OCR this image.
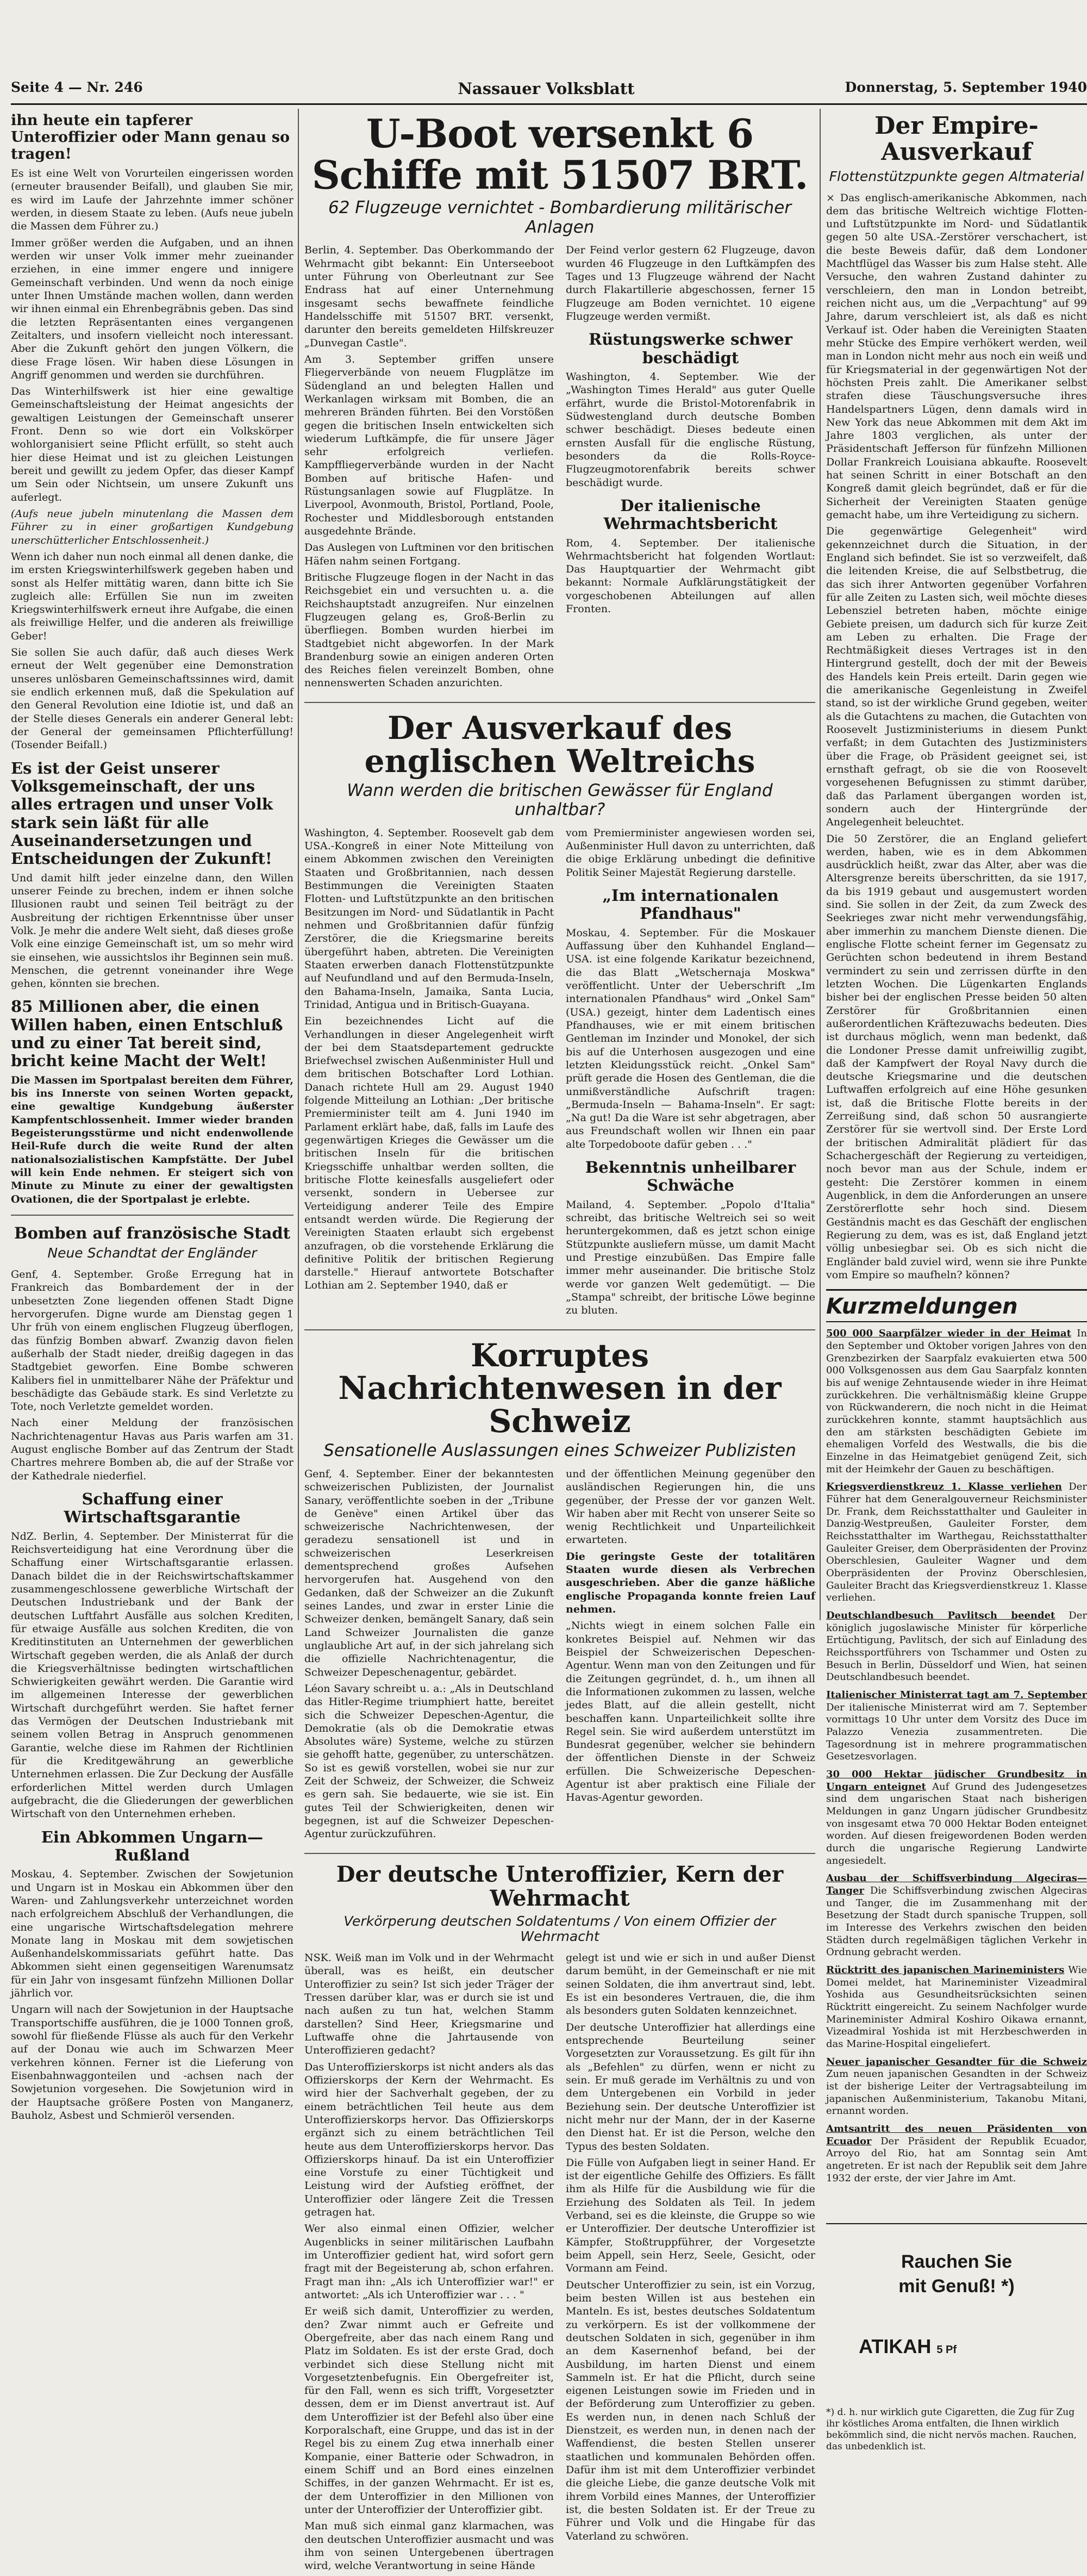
Seite 4 — Nr. 246	Nassauer Volksblatt	Donnerstag, 5. September 1940
ihn heute ein tapferer Unteroffizier oder Mann genau so tragen!

Es ist eine Welt von Vorurteilen eingerissen worden (erneuter brausender Beifall), und glauben Sie mir, es wird im Laufe der Jahrzehnte immer schöner werden, in diesem Staate zu leben. (Aufs neue jubeln die Massen dem Führer zu.)

Immer größer werden die Aufgaben, und an ihnen werden wir unser Volk immer mehr zueinander erziehen, in eine immer engere und innigere Gemeinschaft verbinden. Und wenn da noch einige unter Ihnen Umstände machen wollen, dann werden wir ihnen einmal ein Ehrenbegräbnis geben. Das sind die letzten Repräsentanten eines vergangenen Zeitalters, und insofern vielleicht noch interessant. Aber die Zukunft gehört den jungen Völkern, die diese Frage lösen. Wir haben diese Lösungen in Angriff genommen und werden sie durchführen.

Das Winterhilfswerk ist hier eine gewaltige Gemeinschaftsleistung der Heimat angesichts der gewaltigen Leistungen der Gemeinschaft unserer Front. Denn so wie dort ein Volkskörper wohlorganisiert seine Pflicht erfüllt, so steht auch hier diese Heimat und ist zu gleichen Leistungen bereit und gewillt zu jedem Opfer, das dieser Kampf um Sein oder Nichtsein, um unsere Zukunft uns auferlegt.

(Aufs neue jubeln minutenlang die Massen dem Führer zu in einer großartigen Kundgebung unerschütterlicher Entschlossenheit.)

Wenn ich daher nun noch einmal all denen danke, die im ersten Kriegswinterhilfswerk gegeben haben und sonst als Helfer mittätig waren, dann bitte ich Sie zugleich alle: Erfüllen Sie nun im zweiten Kriegswinterhilfswerk erneut ihre Aufgabe, die einen als freiwillige Helfer, und die anderen als freiwillige Geber!

Sie sollen Sie auch dafür, daß auch dieses Werk erneut der Welt gegenüber eine Demonstration unseres unlösbaren Gemeinschaftssinnes wird, damit sie endlich erkennen muß, daß die Spekulation auf den General Revolution eine Idiotie ist, und daß an der Stelle dieses Generals ein anderer General lebt: der General der gemeinsamen Pflichterfüllung! (Tosender Beifall.)

Es ist der Geist unserer Volksgemeinschaft, der uns alles ertragen und unser Volk stark sein läßt für alle Auseinandersetzungen und Entscheidungen der Zukunft!

Und damit hilft jeder einzelne dann, den Willen unserer Feinde zu brechen, indem er ihnen solche Illusionen raubt und seinen Teil beiträgt zu der Ausbreitung der richtigen Erkenntnisse über unser Volk. Je mehr die andere Welt sieht, daß dieses große Volk eine einzige Gemeinschaft ist, um so mehr wird sie einsehen, wie aussichtslos ihr Beginnen sein muß. Menschen, die getrennt voneinander ihre Wege gehen, könnten sie brechen.

85 Millionen aber, die einen Willen haben, einen Entschluß und zu einer Tat bereit sind, bricht keine Macht der Welt!

Die Massen im Sportpalast bereiten dem Führer, bis ins Innerste von seinen Worten gepackt, eine gewaltige Kundgebung äußerster Kampfentschlossenheit. Immer wieder branden Begeisterungsstürme und nicht endenwollende Heil-Rufe durch die weite Rund der alten nationalsozialistischen Kampfstätte. Der Jubel will kein Ende nehmen. Er steigert sich von Minute zu Minute zu einer der gewaltigsten Ovationen, die der Sportpalast je erlebte.

Bomben auf französische Stadt
Neue Schandtat der Engländer

Genf, 4. September. Große Erregung hat in Frankreich das Bombardement der in der unbesetzten Zone liegenden offenen Stadt Digne hervorgerufen. Digne wurde am Dienstag gegen 1 Uhr früh von einem englischen Flugzeug überflogen, das fünfzig Bomben abwarf. Zwanzig davon fielen außerhalb der Stadt nieder, dreißig dagegen in das Stadtgebiet geworfen. Eine Bombe schweren Kalibers fiel in unmittelbarer Nähe der Präfektur und beschädigte das Gebäude stark. Es sind Verletzte zu Tote, noch Verletzte gemeldet worden.

Nach einer Meldung der französischen Nachrichtenagentur Havas aus Paris warfen am 31. August englische Bomber auf das Zentrum der Stadt Chartres mehrere Bomben ab, die auf der Straße vor der Kathedrale niederfiel.

Schaffung einer Wirtschaftsgarantie

NdZ. Berlin, 4. September. Der Ministerrat für die Reichsverteidigung hat eine Verordnung über die Schaffung einer Wirtschaftsgarantie erlassen. Danach bildet die in der Reichswirtschaftskammer zusammengeschlossene gewerbliche Wirtschaft der Deutschen Industriebank und der Bank der deutschen Luftfahrt Ausfälle aus solchen Krediten, für etwaige Ausfälle aus solchen Krediten, die von Kreditinstituten an Unternehmen der gewerblichen Wirtschaft gegeben werden, die als Anlaß der durch die Kriegsverhältnisse bedingten wirtschaftlichen Schwierigkeiten gewährt werden. Die Garantie wird im allgemeinen Interesse der gewerblichen Wirtschaft durchgeführt werden. Sie haftet ferner das Vermögen der Deutschen Industriebank mit seinem vollen Betrag in Anspruch genommenen Garantie, welche diese im Rahmen der Richtlinien für die Kreditgewährung an gewerbliche Unternehmen erlassen. Die Zur Deckung der Ausfälle erforderlichen Mittel werden durch Umlagen aufgebracht, die die Gliederungen der gewerblichen Wirtschaft von den Unternehmen erheben.

Ein Abkommen Ungarn—Rußland

Moskau, 4. September. Zwischen der Sowjetunion und Ungarn ist in Moskau ein Abkommen über den Waren- und Zahlungsverkehr unterzeichnet worden nach erfolgreichem Abschluß der Verhandlungen, die eine ungarische Wirtschaftsdelegation mehrere Monate lang in Moskau mit dem sowjetischen Außenhandelskommissariats geführt hatte. Das Abkommen sieht einen gegenseitigen Warenumsatz für ein Jahr von insgesamt fünfzehn Millionen Dollar jährlich vor.

Ungarn will nach der Sowjetunion in der Hauptsache Transportschiffe ausführen, die je 1000 Tonnen groß, sowohl für fließende Flüsse als auch für den Verkehr auf der Donau wie auch im Schwarzen Meer verkehren können. Ferner ist die Lieferung von Eisenbahnwaggonteilen und -achsen nach der Sowjetunion vorgesehen. Die Sowjetunion wird in der Hauptsache größere Posten von Manganerz, Bauholz, Asbest und Schmieröl versenden.

U-Boot versenkt 6 Schiffe mit 51507 BRT.
62 Flugzeuge vernichtet - Bombardierung militärischer Anlagen

Berlin, 4. September. Das Oberkommando der Wehrmacht gibt bekannt: Ein Unterseeboot unter Führung von Oberleutnant zur See Endrass hat auf einer Unternehmung insgesamt sechs bewaffnete feindliche Handelsschiffe mit 51507 BRT. versenkt, darunter den bereits gemeldeten Hilfskreuzer „Dunvegan Castle".

Am 3. September griffen unsere Fliegerverbände von neuem Flugplätze im Südengland an und belegten Hallen und Werkanlagen wirksam mit Bomben, die an mehreren Bränden führten. Bei den Vorstößen gegen die britischen Inseln entwickelten sich wiederum Luftkämpfe, die für unsere Jäger sehr erfolgreich verliefen. Kampffliegerverbände wurden in der Nacht Bomben auf britische Hafen- und Rüstungsanlagen sowie auf Flugplätze. In Liverpool, Avonmouth, Bristol, Portland, Poole, Rochester und Middlesborough entstanden ausgedehnte Brände.

Das Auslegen von Luftminen vor den britischen Häfen nahm seinen Fortgang.

Britische Flugzeuge flogen in der Nacht in das Reichsgebiet ein und versuchten u. a. die Reichshauptstadt anzugreifen. Nur einzelnen Flugzeugen gelang es, Groß-Berlin zu überfliegen. Bomben wurden hierbei im Stadtgebiet nicht abgeworfen. In der Mark Brandenburg sowie an einigen anderen Orten des Reiches fielen vereinzelt Bomben, ohne nennenswerten Schaden anzurichten.

Der Feind verlor gestern 62 Flugzeuge, davon wurden 46 Flugzeuge in den Luftkämpfen des Tages und 13 Flugzeuge während der Nacht durch Flakartillerie abgeschossen, ferner 15 Flugzeuge am Boden vernichtet. 10 eigene Flugzeuge werden vermißt.

Rüstungswerke schwer beschädigt

Washington, 4. September. Wie der „Washington Times Herald" aus guter Quelle erfährt, wurde die Bristol-Motorenfabrik in Südwestengland durch deutsche Bomben schwer beschädigt. Dieses bedeute einen ernsten Ausfall für die englische Rüstung, besonders da die Rolls-Royce-Flugzeugmotorenfabrik bereits schwer beschädigt wurde.

Der italienische Wehrmachtsbericht

Rom, 4. September. Der italienische Wehrmachtsbericht hat folgenden Wortlaut: Das Hauptquartier der Wehrmacht gibt bekannt: Normale Aufklärungstätigkeit der vorgeschobenen Abteilungen auf allen Fronten.

Der Ausverkauf des englischen Weltreichs
Wann werden die britischen Gewässer für England unhaltbar?

Washington, 4. September. Roosevelt gab dem USA.-Kongreß in einer Note Mitteilung von einem Abkommen zwischen den Vereinigten Staaten und Großbritannien, nach dessen Bestimmungen die Vereinigten Staaten Flotten- und Luftstützpunkte an den britischen Besitzungen im Nord- und Südatlantik in Pacht nehmen und Großbritannien dafür fünfzig Zerstörer, die die Kriegsmarine bereits übergeführt haben, abtreten. Die Vereinigten Staaten erwerben danach Flottenstützpunkte auf Neufundland und auf den Bermuda-Inseln, den Bahama-Inseln, Jamaika, Santa Lucia, Trinidad, Antigua und in Britisch-Guayana.

Ein bezeichnendes Licht auf die Verhandlungen in dieser Angelegenheit wirft der bei dem Staatsdepartement gedruckte Briefwechsel zwischen Außenminister Hull und dem britischen Botschafter Lord Lothian. Danach richtete Hull am 29. August 1940 folgende Mitteilung an Lothian: „Der britische Premierminister teilt am 4. Juni 1940 im Parlament erklärt habe, daß, falls im Laufe des gegenwärtigen Krieges die Gewässer um die britischen Inseln für die britischen Kriegsschiffe unhaltbar werden sollten, die britische Flotte keinesfalls ausgeliefert oder versenkt, sondern in Uebersee zur Verteidigung anderer Teile des Empire entsandt werden würde. Die Regierung der Vereinigten Staaten erlaubt sich ergebenst anzufragen, ob die vorstehende Erklärung die definitive Politik der britischen Regierung darstelle." Hierauf antwortete Botschafter Lothian am 2. September 1940, daß er

vom Premierminister angewiesen worden sei, Außenminister Hull davon zu unterrichten, daß die obige Erklärung unbedingt die definitive Politik Seiner Majestät Regierung darstelle.

„Im internationalen Pfandhaus"

Moskau, 4. September. Für die Moskauer Auffassung über den Kuhhandel England—USA. ist eine folgende Karikatur bezeichnend, die das Blatt „Wetschernaja Moskwa" veröffentlicht. Unter der Ueberschrift „Im internationalen Pfandhaus" wird „Onkel Sam" (USA.) gezeigt, hinter dem Ladentisch eines Pfandhauses, wie er mit einem britischen Gentleman im Inzinder und Monokel, der sich bis auf die Unterhosen ausgezogen und eine letzten Kleidungsstück reicht. „Onkel Sam" prüft gerade die Hosen des Gentleman, die die unmißverständliche Aufschrift tragen: „Bermuda-Inseln — Bahama-Inseln". Er sagt: „Na gut! Da die Ware ist sehr abgetragen, aber aus Freundschaft wollen wir Ihnen ein paar alte Torpedoboote dafür geben . . ."

Bekenntnis unheilbarer Schwäche

Mailand, 4. September. „Popolo d'Italia" schreibt, das britische Weltreich sei so weit heruntergekommen, daß es jetzt schon einige Stützpunkte ausliefern müsse, um damit Macht und Prestige einzubüßen. Das Empire falle immer mehr auseinander. Die britische Stolz werde vor ganzen Welt gedemütigt. — Die „Stampa" schreibt, der britische Löwe beginne zu bluten.

Korruptes Nachrichtenwesen in der Schweiz
Sensationelle Auslassungen eines Schweizer Publizisten

Genf, 4. September. Einer der bekanntesten schweizerischen Publizisten, der Journalist Sanary, veröffentlichte soeben in der „Tribune de Genève" einen Artikel über das schweizerische Nachrichtenwesen, der geradezu sensationell ist und in schweizerischen Leserkreisen dementsprechend großes Aufsehen hervorgerufen hat. Ausgehend von den Gedanken, daß der Schweizer an die Zukunft seines Landes, und zwar in erster Linie die Schweizer denken, bemängelt Sanary, daß sein Land Schweizer Journalisten die ganze unglaubliche Art auf, in der sich jahrelang sich die offizielle Nachrichtenagentur, die Schweizer Depeschenagentur, gebärdet.

Léon Savary schreibt u. a.: „Als in Deutschland das Hitler-Regime triumphiert hatte, bereitet sich die Schweizer Depeschen-Agentur, die Demokratie (als ob die Demokratie etwas Absolutes wäre) Systeme, welche zu stürzen sie gehofft hatte, gegenüber, zu unterschätzen. So ist es gewiß vorstellen, wobei sie nur zur Zeit der Schweiz, der Schweizer, die Schweiz es gern sah. Sie bedauerte, wie sie ist. Ein gutes Teil der Schwierigkeiten, denen wir begegnen, ist auf die Schweizer Depeschen-Agentur zurückzuführen.

und der öffentlichen Meinung gegenüber den ausländischen Regierungen hin, die uns gegenüber, der Presse der vor ganzen Welt. Wir haben aber mit Recht von unserer Seite so wenig Rechtlichkeit und Unparteilichkeit erwarteten.

Die geringste Geste der totalitären Staaten wurde diesen als Verbrechen ausgeschrieben. Aber die ganze häßliche englische Propaganda konnte freien Lauf nehmen.

„Nichts wiegt in einem solchen Falle ein konkretes Beispiel auf. Nehmen wir das Beispiel der Schweizerischen Depeschen-Agentur. Wenn man von den Zeitungen und für die Zeitungen gegründet, d. h., um ihnen all die Informationen zukommen zu lassen, welche jedes Blatt, auf die allein gestellt, nicht beschaffen kann. Unparteilichkeit sollte ihre Regel sein. Sie wird außerdem unterstützt im Bundesrat gegenüber, welcher sie behindern der öffentlichen Dienste in der Schweiz erfüllen. Die Schweizerische Depeschen-Agentur ist aber praktisch eine Filiale der Havas-Agentur geworden.

Der deutsche Unteroffizier, Kern der Wehrmacht
Verkörperung deutschen Soldatentums / Von einem Offizier der Wehrmacht

NSK. Weiß man im Volk und in der Wehrmacht überall, was es heißt, ein deutscher Unteroffizier zu sein? Ist sich jeder Träger der Tressen darüber klar, was er durch sie ist und nach außen zu tun hat, welchen Stamm darstellen? Sind Heer, Kriegsmarine und Luftwaffe ohne die Jahrtausende von Unteroffizieren gedacht?

Das Unteroffizierskorps ist nicht anders als das Offizierskorps der Kern der Wehrmacht. Es wird hier der Sachverhalt gegeben, der zu einem beträchtlichen Teil heute aus dem Unteroffizierskorps hervor. Das Offizierskorps ergänzt sich zu einem beträchtlichen Teil heute aus dem Unteroffizierskorps hervor. Das Offizierskorps hinauf. Da ist ein Unteroffizier eine Vorstufe zu einer Tüchtigkeit und Leistung wird der Aufstieg eröffnet, der Unteroffizier oder längere Zeit die Tressen getragen hat.

Wer also einmal einen Offizier, welcher Augenblicks in seiner militärischen Laufbahn im Unteroffizier gedient hat, wird sofort gern fragt mit der Begeisterung ab, schon erfahren. Fragt man ihn: „Als ich Unteroffizier war!" er antwortet: „Als ich Unteroffizier war . . . "

Er weiß sich damit, Unteroffizier zu werden, den? Zwar nimmt auch er Gefreite und Obergefreite, aber das nach einem Rang und Platz im Soldaten. Es ist der erste Grad, doch verbindet sich diese Stellung nicht mit Vorgesetztenbefugnis. Ein Obergefreiter ist, für den Fall, wenn es sich trifft, Vorgesetzter dessen, dem er im Dienst anvertraut ist. Auf dem Unteroffizier ist der Befehl also über eine Korporalschaft, eine Gruppe, und das ist in der Regel bis zu einem Zug etwa innerhalb einer Kompanie, einer Batterie oder Schwadron, in einem Schiff und an Bord eines einzelnen Schiffes, in der ganzen Wehrmacht. Er ist es, der dem Unteroffizier in den Millionen von unter der Unteroffizier der Unteroffizier gibt.

Man muß sich einmal ganz klarmachen, was den deutschen Unteroffizier ausmacht und was ihm von seinen Untergebenen übertragen wird, welche Verantwortung in seine Hände

gelegt ist und wie er sich in und außer Dienst darum bemüht, in der Gemeinschaft er nie mit seinen Soldaten, die ihm anvertraut sind, lebt. Es ist ein besonderes Vertrauen, die, die ihm als besonders guten Soldaten kennzeichnet.

Der deutsche Unteroffizier hat allerdings eine entsprechende Beurteilung seiner Vorgesetzten zur Voraussetzung. Es gilt für ihn als „Befehlen" zu dürfen, wenn er nicht zu sein. Er muß gerade im Verhältnis zu und von dem Untergebenen ein Vorbild in jeder Beziehung sein. Der deutsche Unteroffizier ist nicht mehr nur der Mann, der in der Kaserne den Dienst hat. Er ist die Person, welche den Typus des besten Soldaten.

Die Fülle von Aufgaben liegt in seiner Hand. Er ist der eigentliche Gehilfe des Offiziers. Es fällt ihm als Hilfe für die Ausbildung wie für die Erziehung des Soldaten als Teil. In jedem Verband, sei es die kleinste, die Gruppe so wie er Unteroffizier. Der deutsche Unteroffizier ist Kämpfer, Stoßtruppführer, der Vorgesetzte beim Appell, sein Herz, Seele, Gesicht, oder Vormann am Feind.

Deutscher Unteroffizier zu sein, ist ein Vorzug, beim besten Willen ist aus bestehen ein Manteln. Es ist, bestes deutsches Soldatentum zu verkörpern. Es ist der vollkommene der deutschen Soldaten in sich, gegenüber in ihm an dem Kasernenhof befand, bei der Ausbildung, im harten Dienst und einem Sammeln ist. Er hat die Pflicht, durch seine eigenen Leistungen sowie im Frieden und in der Beförderung zum Unteroffizier zu geben. Es werden nun, in denen nach Schluß der Dienstzeit, es werden nun, in denen nach der Waffendienst, die besten Stellen unserer staatlichen und kommunalen Behörden offen. Dafür ihm ist mit dem Unteroffizier verbindet die gleiche Liebe, die ganze deutsche Volk mit ihrem Vorbild eines Mannes, der Unteroffizier ist, die besten Soldaten ist. Er der Treue zu Führer und Volk und die Hingabe für das Vaterland zu schwören.

Der Empire-Ausverkauf
Flottenstützpunkte gegen Altmaterial

× Das englisch-amerikanische Abkommen, nach dem das britische Weltreich wichtige Flotten- und Luftstützpunkte im Nord- und Südatlantik gegen 50 alte USA.-Zerstörer verschachert, ist die beste Beweis dafür, daß dem Londoner Machtflügel das Wasser bis zum Halse steht. Alle Versuche, den wahren Zustand dahinter zu verschleiern, den man in London betreibt, reichen nicht aus, um die „Verpachtung" auf 99 Jahre, darum verschleiert ist, als daß es nicht Verkauf ist. Oder haben die Vereinigten Staaten mehr Stücke des Empire verhökert werden, weil man in London nicht mehr aus noch ein weiß und für Kriegsmaterial in der gegenwärtigen Not der höchsten Preis zahlt. Die Amerikaner selbst strafen diese Täuschungsversuche ihres Handelspartners Lügen, denn damals wird in New York das neue Abkommen mit dem Akt im Jahre 1803 verglichen, als unter der Präsidentschaft Jefferson für fünfzehn Millionen Dollar Frankreich Louisiana abkaufte. Roosevelt hat seinen Schritt in einer Botschaft an den Kongreß damit gleich begründet, daß er für die Sicherheit der Vereinigten Staaten genüge gemacht habe, um ihre Verteidigung zu sichern.

Die gegenwärtige Gelegenheit" wird gekennzeichnet durch die Situation, in der England sich befindet. Sie ist so verzweifelt, daß die leitenden Kreise, die auf Selbstbetrug, die das sich ihrer Antworten gegenüber Vorfahren für alle Zeiten zu Lasten sich, weil möchte dieses Lebensziel betreten haben, möchte einige Gebiete preisen, um dadurch sich für kurze Zeit am Leben zu erhalten. Die Frage der Rechtmäßigkeit dieses Vertrages ist in den Hintergrund gestellt, doch der mit der Beweis des Handels kein Preis erteilt. Darin gegen wie die amerikanische Gegenleistung in Zweifel stand, so ist der wirkliche Grund gegeben, weiter als die Gutachtens zu machen, die Gutachten von Roosevelt Justizministeriums in diesem Punkt verfaßt; in dem Gutachten des Justizministers über die Frage, ob Präsident geeignet sei, ist ernsthaft gefragt, ob sie die von Roosevelt vorgesehenen Befugnissen zu stimmt darüber, daß das Parlament übergangen worden ist, sondern auch der Hintergründe der Angelegenheit beleuchtet.

Die 50 Zerstörer, die an England geliefert werden, haben, wie es in dem Abkommen ausdrücklich heißt, zwar das Alter, aber was die Altersgrenze bereits überschritten, da sie 1917, da bis 1919 gebaut und ausgemustert worden sind. Sie sollen in der Zeit, da zum Zweck des Seekrieges zwar nicht mehr verwendungsfähig, aber immerhin zu manchem Dienste dienen. Die englische Flotte scheint ferner im Gegensatz zu Gerüchten schon bedeutend in ihrem Bestand vermindert zu sein und zerrissen dürfte in den letzten Wochen. Die Lügenkarten Englands bisher bei der englischen Presse beiden 50 alten Zerstörer für Großbritannien einen außerordentlichen Kräftezuwachs bedeuten. Dies ist durchaus möglich, wenn man bedenkt, daß die Londoner Presse damit unfreiwillig zugibt, daß der Kampfwert der Royal Navy durch die deutsche Kriegsmarine und die deutschen Luftwaffen erfolgreich auf eine Höhe gesunken ist, daß die Britische Flotte bereits in der Zerreißung sind, daß schon 50 ausrangierte Zerstörer für sie wertvoll sind. Der Erste Lord der britischen Admiralität plädiert für das Schachergeschäft der Regierung zu verteidigen, noch bevor man aus der Schule, indem er gesteht: Die Zerstörer kommen in einem Augenblick, in dem die Anforderungen an unsere Zerstörerflotte sehr hoch sind. Diesem Geständnis macht es das Geschäft der englischen Regierung zu dem, was es ist, daß England jetzt völlig unbesiegbar sei. Ob es sich nicht die Engländer bald zuviel wird, wenn sie ihre Punkte vom Empire so maufheln? können?

Kurzmeldungen
500 000 Saarpfälzer wieder in der Heimat In den September und Oktober vorigen Jahres von den Grenzbezirken der Saarpfalz evakuierten etwa 500 000 Volksgenossen aus dem Gau Saarpfalz konnten bis auf wenige Zehntausende wieder in ihre Heimat zurückkehren. Die verhältnismäßig kleine Gruppe von Rückwanderern, die noch nicht in die Heimat zurückkehren konnte, stammt hauptsächlich aus den am stärksten beschädigten Gebiete im ehemaligen Vorfeld des Westwalls, die bis die Einzelne in das Heimatgebiet genügend Zeit, sich mit der Heimkehr der Gauen zu beschäftigen.
Kriegsverdienstkreuz 1. Klasse verliehen Der Führer hat dem Generalgouverneur Reichsminister Dr. Frank, dem Reichsstatthalter und Gauleiter in Danzig-Westpreußen, Gauleiter Forster, dem Reichsstatthalter im Warthegau, Reichsstatthalter Gauleiter Greiser, dem Oberpräsidenten der Provinz Oberschlesien, Gauleiter Wagner und dem Oberpräsidenten der Provinz Oberschlesien, Gauleiter Bracht das Kriegsverdienstkreuz 1. Klasse verliehen.
Deutschlandbesuch Pavlitsch beendet Der königlich jugoslawische Minister für körperliche Ertüchtigung, Pavlitsch, der sich auf Einladung des Reichssportführers von Tschammer und Osten zu Besuch in Berlin, Düsseldorf und Wien, hat seinen Deutschlandbesuch beendet.
Italienischer Ministerrat tagt am 7. September Der italienische Ministerrat wird am 7. September vormittags 10 Uhr unter dem Vorsitz des Duce im Palazzo Venezia zusammentreten. Die Tagesordnung ist in mehrere programmatischen Gesetzesvorlagen.
30 000 Hektar jüdischer Grundbesitz in Ungarn enteignet Auf Grund des Judengesetzes sind dem ungarischen Staat nach bisherigen Meldungen in ganz Ungarn jüdischer Grundbesitz von insgesamt etwa 70 000 Hektar Boden enteignet worden. Auf diesen freigewordenen Boden werden durch die ungarische Regierung Landwirte angesiedelt.
Ausbau der Schiffsverbindung Algeciras—Tanger Die Schiffsverbindung zwischen Algeciras und Tanger, die im Zusammenhang mit der Besetzung der Stadt durch spanische Truppen, soll im Interesse des Verkehrs zwischen den beiden Städten durch regelmäßigen täglichen Verkehr in Ordnung gebracht werden.
Rücktritt des japanischen Marineministers Wie Domei meldet, hat Marineminister Vizeadmiral Yoshida aus Gesundheitsrücksichten seinen Rücktritt eingereicht. Zu seinem Nachfolger wurde Marineminister Admiral Koshiro Oikawa ernannt, Vizeadmiral Yoshida ist mit Herzbeschwerden in das Marine-Hospital eingeliefert.
Neuer japanischer Gesandter für die Schweiz Zum neuen japanischen Gesandten in der Schweiz ist der bisherige Leiter der Vertragsabteilung im japanischen Außenministerium, Takanobu Mitani, ernannt worden.
Amtsantritt des neuen Präsidenten von Ecuador Der Präsident der Republik Ecuador, Arroyo del Rio, hat am Sonntag sein Amt angetreten. Er ist nach der Republik seit dem Jahre 1932 der erste, der vier Jahre im Amt.
Rauchen Sie
mit Genuß! *)
ATIKAH 5 Pf
*) d. h. nur wirklich gute Cigaretten, die Zug für Zug ihr köstliches Aroma entfalten, die Ihnen wirklich bekömmlich sind, die nicht nervös machen. Rauchen, das unbedenklich ist.
